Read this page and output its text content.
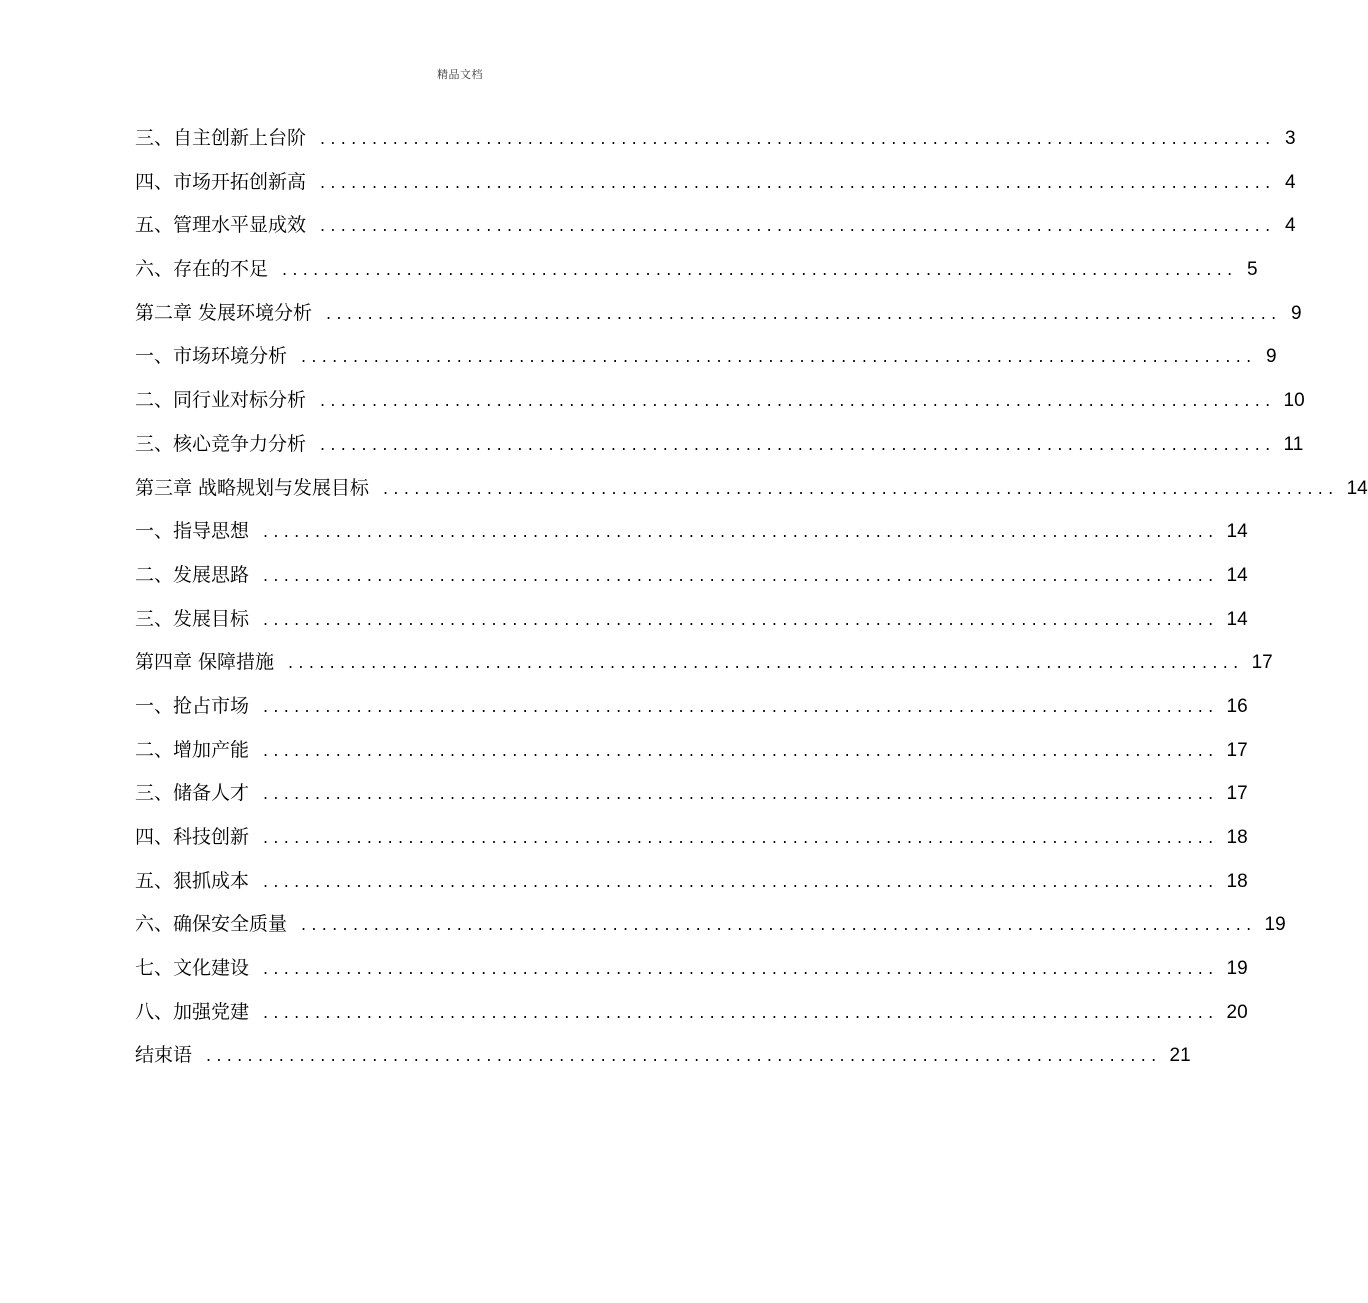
精品文档
三、自主创新上台阶 ............................................................................................ 3
四、市场开拓创新高 ............................................................................................ 4
五、管理水平显成效 ............................................................................................ 4
六、存在的不足 ............................................................................................ 5
第二章 发展环境分析 ............................................................................................ 9
一、市场环境分析 ............................................................................................ 9
二、同行业对标分析 ............................................................................................ 10
三、核心竞争力分析 ............................................................................................ 11
第三章 战略规划与发展目标 ............................................................................................ 14
一、指导思想 ............................................................................................ 14
二、发展思路 ............................................................................................ 14
三、发展目标 ............................................................................................ 14
第四章 保障措施 ............................................................................................ 17
一、抢占市场 ............................................................................................ 16
二、增加产能 ............................................................................................ 17
三、储备人才 ............................................................................................ 17
四、科技创新 ............................................................................................ 18
五、狠抓成本 ............................................................................................ 18
六、确保安全质量 ............................................................................................ 19
七、文化建设 ............................................................................................ 19
八、加强党建 ............................................................................................ 20
结束语 ............................................................................................ 21
